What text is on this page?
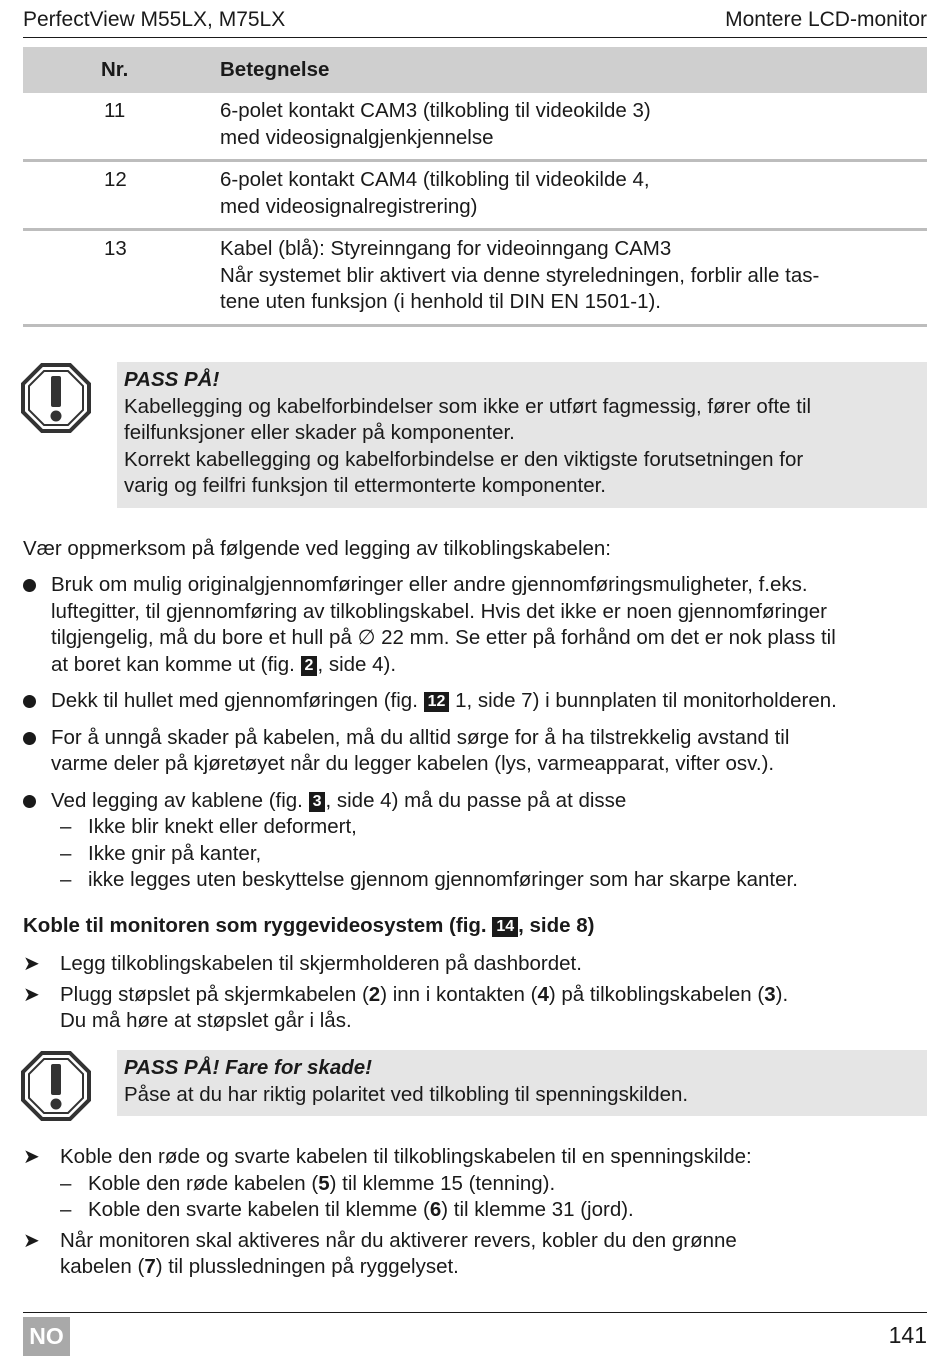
PerfectView M55LX, M75LX	Montere LCD-monitor
Nr.	Betegnelse
11	6-polet kontakt CAM3 (tilkobling til videokilde 3)
med videosignalgjenkjennelse
12	6-polet kontakt CAM4 (tilkobling til videokilde 4,
med videosignalregistrering)
13	Kabel (blå): Styreinngang for videoinngang CAM3
Når systemet blir aktivert via denne styreledningen, forblir alle tas-
tene uten funksjon (i henhold til DIN EN 1501-1).
PASS PÅ!
Kabellegging og kabelforbindelser som ikke er utført fagmessig, fører ofte til
feilfunksjoner eller skader på komponenter.
Korrekt kabellegging og kabelforbindelse er den viktigste forutsetningen for
varig og feilfri funksjon til ettermonterte komponenter.
Vær oppmerksom på følgende ved legging av tilkoblingskabelen:
Bruk om mulig originalgjennomføringer eller andre gjennomføringsmuligheter, f.eks.
luftegitter, til gjennomføring av tilkoblingskabel. Hvis det ikke er noen gjennomføringer
tilgjengelig, må du bore et hull på ∅ 22 mm. Se etter på forhånd om det er nok plass til
at boret kan komme ut (fig. 2 , side 4).
Dekk til hullet med gjennomføringen (fig. 12 1, side 7) i bunnplaten til monitorholderen.
For å unngå skader på kabelen, må du alltid sørge for å ha tilstrekkelig avstand til
varme deler på kjøretøyet når du legger kabelen (lys, varmeapparat, vifter osv.).
Ved legging av kablene (fig. 3 , side 4) må du passe på at disse
– Ikke blir knekt eller deformert,
– Ikke gnir på kanter,
– ikke legges uten beskyttelse gjennom gjennomføringer som har skarpe kanter.
Koble til monitoren som ryggevideosystem (fig. 14 , side 8)
➤ Legg tilkoblingskabelen til skjermholderen på dashbordet.
➤ Plugg støpslet på skjermkabelen (2) inn i kontakten (4) på tilkoblingskabelen (3).
Du må høre at støpslet går i lås.
PASS PÅ! Fare for skade!
Påse at du har riktig polaritet ved tilkobling til spenningskilden.
➤ Koble den røde og svarte kabelen til tilkoblingskabelen til en spenningskilde:
– Koble den røde kabelen (5) til klemme 15 (tenning).
– Koble den svarte kabelen til klemme (6) til klemme 31 (jord).
➤ Når monitoren skal aktiveres når du aktiverer revers, kobler du den grønne
kabelen (7) til plussledningen på ryggelyset.
NO	141
